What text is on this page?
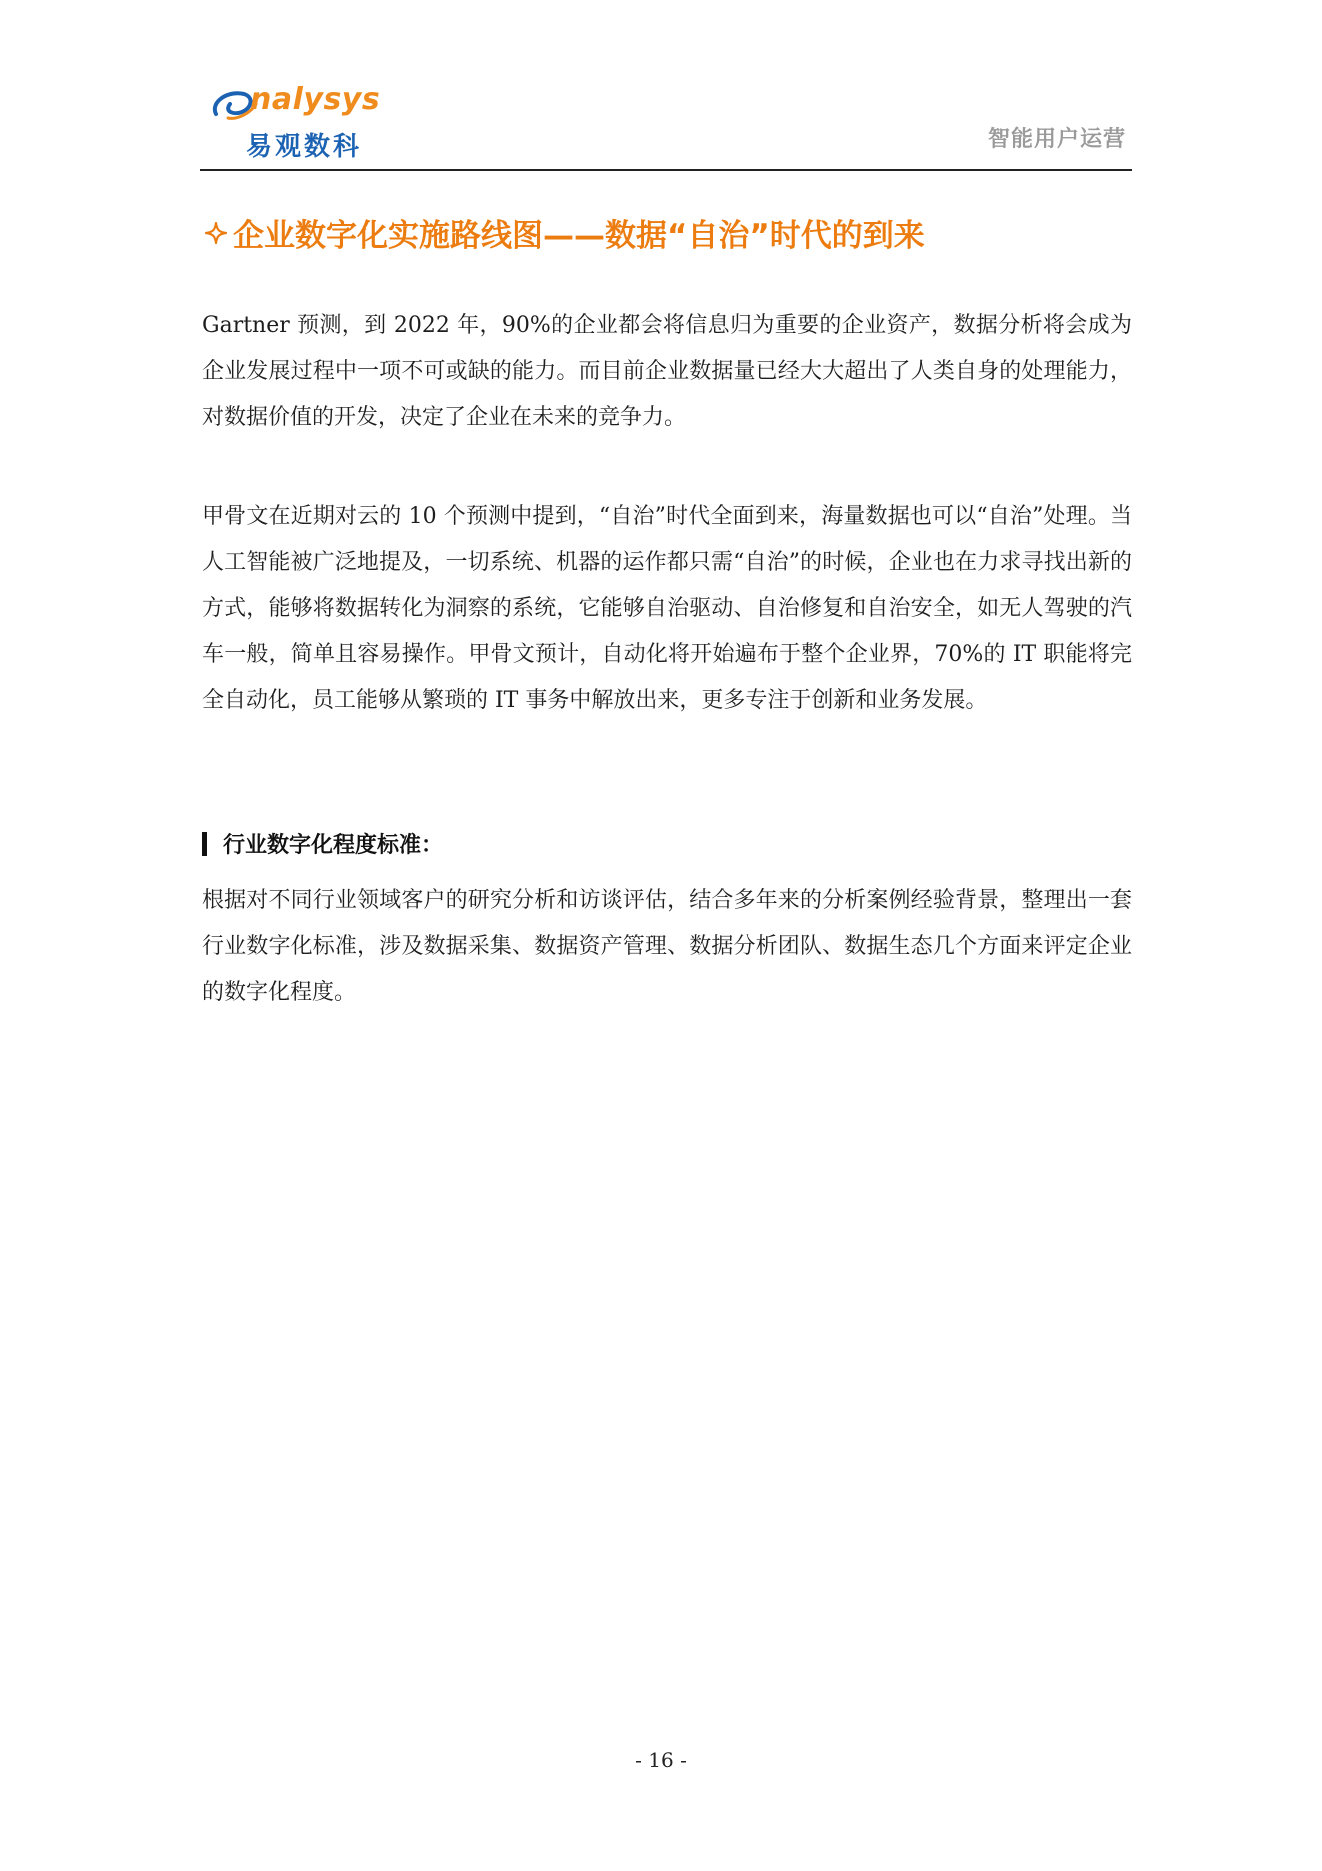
nalysys
易观数科	智能用户运营
企业数字化实施路线图——数据“自治”时代的到来
Gartner 预测，到 2022 年，90%的企业都会将信息归为重要的企业资产，数据分析将会成为企业发展过程中一项不可或缺的能力。而目前企业数据量已经大大超出了人类自身的处理能力，对数据价值的开发，决定了企业在未来的竞争力。
甲骨文在近期对云的 10 个预测中提到，“自治”时代全面到来，海量数据也可以“自治”处理。当人工智能被广泛地提及，一切系统、机器的运作都只需“自治”的时候，企业也在力求寻找出新的方式，能够将数据转化为洞察的系统，它能够自治驱动、自治修复和自治安全，如无人驾驶的汽车一般，简单且容易操作。甲骨文预计，自动化将开始遍布于整个企业界，70%的 IT 职能将完全自动化，员工能够从繁琐的 IT 事务中解放出来，更多专注于创新和业务发展。
行业数字化程度标准：
根据对不同行业领域客户的研究分析和访谈评估，结合多年来的分析案例经验背景，整理出一套行业数字化标准，涉及数据采集、数据资产管理、数据分析团队、数据生态几个方面来评定企业的数字化程度。
- 16 -
